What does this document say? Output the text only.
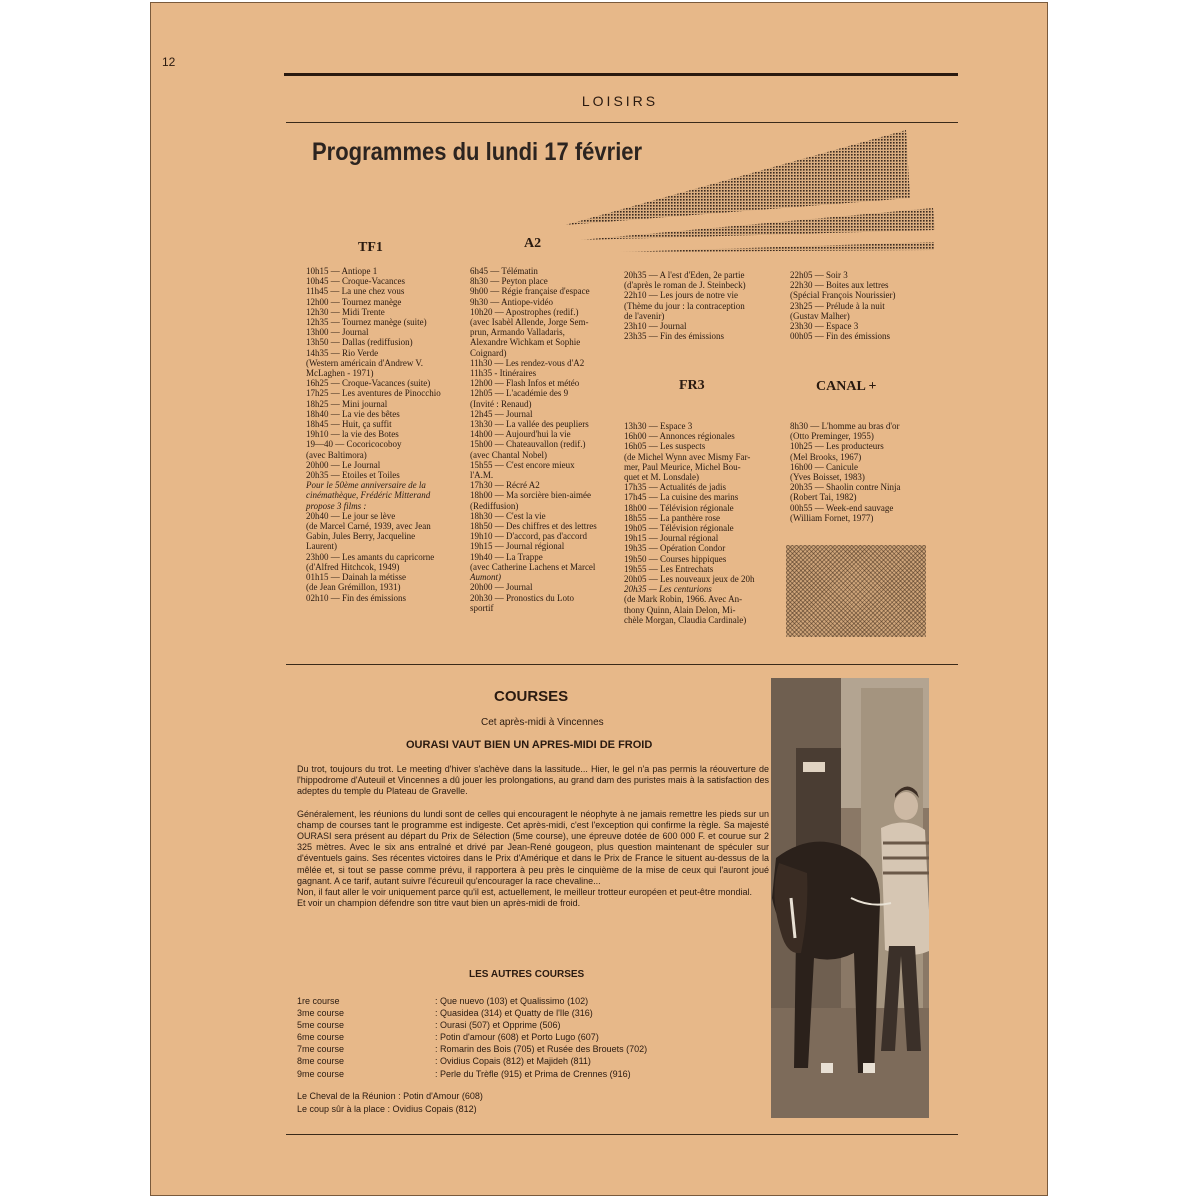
12
LOISIRS
Programmes du lundi 17 février
TF1	A2
FR3	CANAL +
10h15 — Antiope 1
10h45 — Croque-Vacances
11h45 — La une chez vous
12h00 — Tournez manège
12h30 — Midi Trente
12h35 — Tournez manège (suite)
13h00 — Journal
13h50 — Dallas (rediffusion)
14h35 — Rio Verde
(Western américain d'Andrew V.
McLaghen - 1971)
16h25 — Croque-Vacances (suite)
17h25 — Les aventures de Pinocchio
18h25 — Mini journal
18h40 — La vie des bêtes
18h45 — Huit, ça suffit
19h10 — la vie des Botes
19—40 — Cocoricocoboy
(avec Baltimora)
20h00 — Le Journal
20h35 — Etoiles et Toiles
Pour le 50ème anniversaire de la
cinémathèque, Frédéric Mitterand
propose 3 films :
20h40 — Le jour se lève
(de Marcel Carné, 1939, avec Jean
Gabin, Jules Berry, Jacqueline
Laurent)
23h00 — Les amants du capricorne
(d'Alfred Hitchcok, 1949)
01h15 — Dainah la métisse
(de Jean Grémillon, 1931)
02h10 — Fin des émissions
6h45 — Télématin
8h30 — Peyton place
9h00 — Régie française d'espace
9h30 — Antiope-vidéo
10h20 — Apostrophes (redif.)
(avec Isabèl Allende, Jorge Sem-
prun, Armando Valladaris,
Alexandre Wichkam et Sophie
Coignard)
11h30 — Les rendez-vous d'A2
11h35 - Itinéraires
12h00 — Flash Infos et météo
12h05 — L'académie des 9
(Invité : Renaud)
12h45 — Journal
13h30 — La vallée des peupliers
14h00 — Aujourd'hui la vie
15h00 — Chateauvallon (redif.)
(avec Chantal Nobel)
15h55 — C'est encore mieux
l'A.M.
17h30 — Récré A2
18h00 — Ma sorcière bien-aimée
(Rediffusion)
18h30 — C'est la vie
18h50 — Des chiffres et des lettres
19h10 — D'accord, pas d'accord
19h15 — Journal régional
19h40 — La Trappe
(avec Catherine Lachens et Marcel
Aumont)
20h00 — Journal
20h30 — Pronostics du Loto
sportif
20h35 — A l'est d'Eden, 2e partie
(d'après le roman de J. Steinbeck)
22h10 — Les jours de notre vie
(Thème du jour : la contraception
de l'avenir)
23h10 — Journal
23h35 — Fin des émissions
22h05 — Soir 3
22h30 — Boites aux lettres
(Spécial François Nourissier)
23h25 — Prélude à la nuit
(Gustav Malher)
23h30 — Espace 3
00h05 — Fin des émissions
13h30 — Espace 3
16h00 — Annonces régionales
16h05 — Les suspects
(de Michel Wynn avec Mismy Far-
mer, Paul Meurice, Michel Bou-
quet et M. Lonsdale)
17h35 — Actualités de jadis
17h45 — La cuisine des marins
18h00 — Télévision régionale
18h55 — La panthère rose
19h05 — Télévision régionale
19h15 — Journal régional
19h35 — Opération Condor
19h50 — Courses hippiques
19h55 — Les Entrechats
20h05 — Les nouveaux jeux de 20h
20h35 — Les centurions
(de Mark Robin, 1966. Avec An-
thony Quinn, Alain Delon, Mi-
chèle Morgan, Claudia Cardinale)
8h30 — L'homme au bras d'or
(Otto Preminger, 1955)
10h25 — Les producteurs
(Mel Brooks, 1967)
16h00 — Canicule
(Yves Boisset, 1983)
20h35 — Shaolin contre Ninja
(Robert Tai, 1982)
00h55 — Week-end sauvage
(William Fornet, 1977)
COURSES
Cet après-midi à Vincennes
OURASI VAUT BIEN UN APRES-MIDI DE FROID

Du trot, toujours du trot. Le meeting d'hiver s'achève dans la lassitude... Hier, le gel n'a pas permis la réouverture de l'hippodrome d'Auteuil et Vincennes a dû jouer les prolongations, au grand dam des puristes mais à la satisfaction des adeptes du temple du Plateau de Gravelle.

Généralement, les réunions du lundi sont de celles qui encouragent le néophyte à ne jamais remettre les pieds sur un champ de courses tant le programme est indigeste. Cet après-midi, c'est l'exception qui confirme la règle. Sa majesté OURASI sera présent au départ du Prix de Sélection (5me course), une épreuve dotée de 600 000 F. et courue sur 2 325 mètres. Avec le six ans entraîné et drivé par Jean-René gougeon, plus question maintenant de spéculer sur d'éventuels gains. Ses récentes victoires dans le Prix d'Amérique et dans le Prix de France le situent au-dessus de la mêlée et, si tout se passe comme prévu, il rapportera à peu près le cinquième de la mise de ceux qui l'auront joué gagnant. A ce tarif, autant suivre l'écureuil qu'encourager la race chevaline...

Non, il faut aller le voir uniquement parce qu'il est, actuellement, le meilleur trotteur européen et peut-être mondial.

Et voir un champion défendre son titre vaut bien un après-midi de froid.

LES AUTRES COURSES
1re course	: Que nuevo (103) et Qualissimo (102)
3me course	: Quasidea (314) et Quatty de l'Ile (316)
5me course	: Ourasi (507) et Opprime (506)
6me course	: Potin d'amour (608) et Porto Lugo (607)
7me course	: Romarin des Bois (705) et Rusée des Brouets (702)
8me course	: Ovidius Copais (812) et Majideh (811)
9me course	: Perle du Trèfle (915) et Prima de Crennes (916)
Le Cheval de la Réunion : Potin d'Amour (608)
Le coup sûr à la place : Ovidius Copais (812)
